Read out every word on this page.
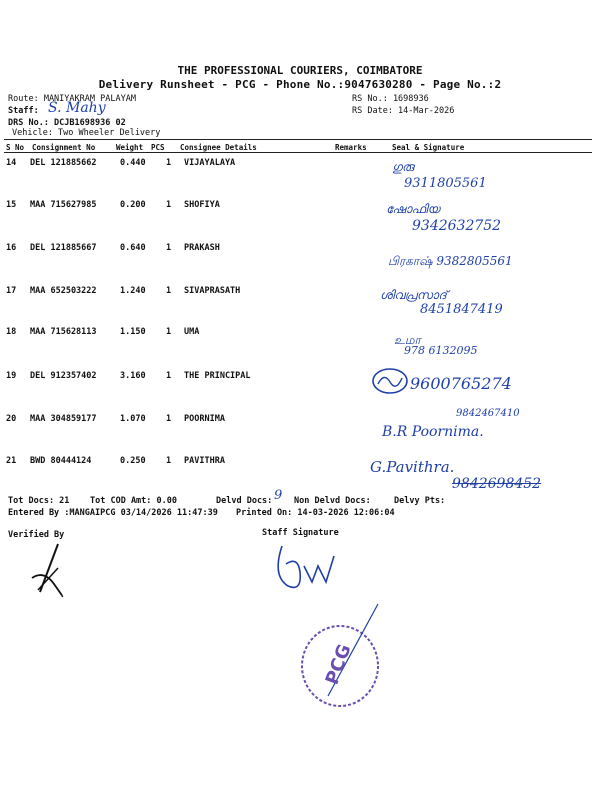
THE PROFESSIONAL COURIERS, COIMBATORE
Delivery Runsheet - PCG - Phone No.:9047630280 - Page No.:2
Route: MANIYAKRAM PALAYAM	RS No.: 1698936
Staff: S. Mahy	RS Date: 14-Mar-2026
DRS No.: DCJB1698936 02
Vehicle: Two Wheeler Delivery
S No Consignment No	Weight PCS Consignee Details	Remarks	Seal & Signature
14 DEL 121885662	0.440 1 VIJAYALAYA	ഗുരു
9311805561
15 MAA 715627985	0.200 1 SHOFIYA	ഷോഫിയ
9342632752
16 DEL 121885667	0.640 1 PRAKASH
பிரகாஷ் 9382805561
17 MAA 652503222	1.240 1 SIVAPRASATH	ശിവപ്രസാദ്
8451847419
18 MAA 715628113	1.150 1 UMA
உமா
978 6132095
19 DEL 912357402	3.160 1 THE PRINCIPAL	9600765274
20 MAA 304859177	1.070 1 POORNIMA	9842467410
B.R Poornima.
21 BWD 80444124	0.250 1 PAVITHRA	G.Pavithra.
9842698452
Tot Docs: 21 Tot COD Amt: 0.00	Delvd Docs: 9 Non Delvd Docs:	Delvy Pts:
Entered By :MANGAIPCG 03/14/2026 11:47:39 Printed On: 14-03-2026 12:06:04
Verified By	Staff Signature
PCG
